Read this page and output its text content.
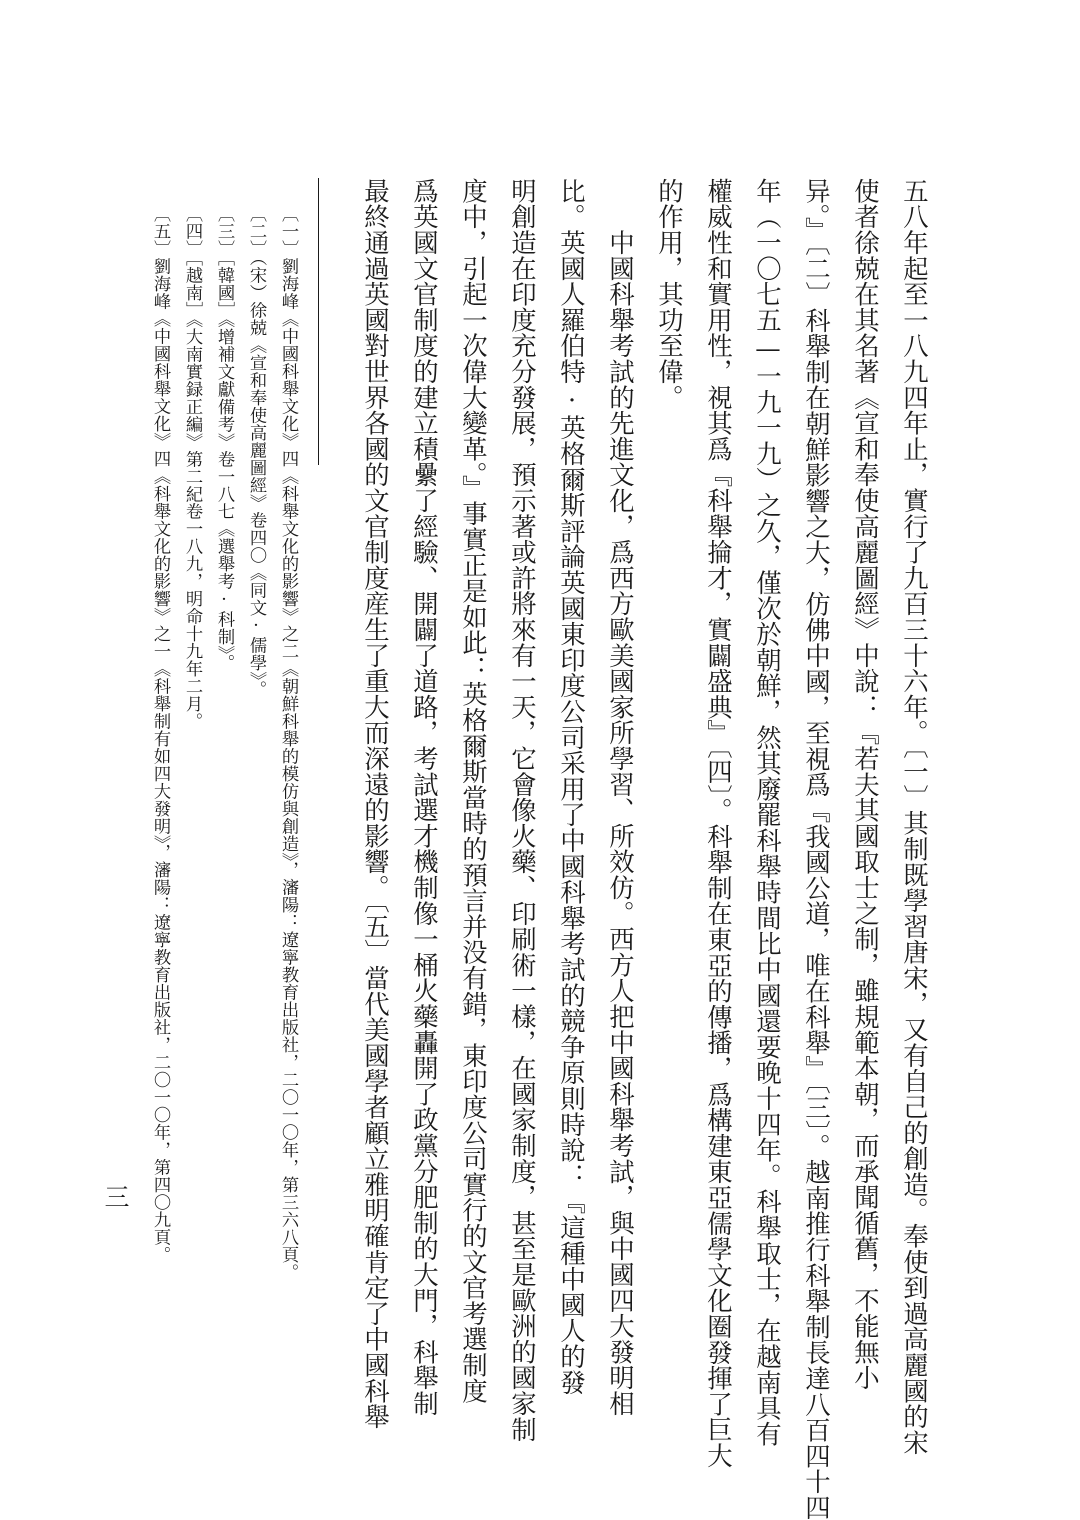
五八年起至一八九四年止，實行了九百三十六年。〔一〕其制既學習唐宋，又有自己的創造。奉使到過高麗國的宋

使者徐兢在其名著《宣和奉使高麗圖經》中說：『若夫其國取士之制，雖規範本朝，而承聞循舊，不能無小

异。』〔二〕科舉制在朝鮮影響之大，仿佛中國，至視爲『我國公道，唯在科舉』〔三〕。越南推行科舉制長達八百四十四

年（一〇七五—一九一九）之久，僅次於朝鮮，然其廢罷科舉時間比中國還要晚十四年。科舉取士，在越南具有

權威性和實用性，視其爲『科舉掄才，實闢盛典』〔四〕。科舉制在東亞的傳播，爲構建東亞儒學文化圈發揮了巨大

的作用，其功至偉。

　　中國科舉考試的先進文化，爲西方歐美國家所學習、所效仿。西方人把中國科舉考試，與中國四大發明相

比。英國人羅伯特·英格爾斯評論英國東印度公司采用了中國科舉考試的競争原則時說：『這種中國人的發

明創造在印度充分發展，預示著或許將來有一天，它會像火藥、印刷術一樣，在國家制度，甚至是歐洲的國家制

度中，引起一次偉大變革。』事實正是如此：英格爾斯當時的預言并没有錯，東印度公司實行的文官考選制度

爲英國文官制度的建立積纍了經驗、開闢了道路，考試選才機制像一桶火藥轟開了政黨分肥制的大門，科舉制

最終通過英國對世界各國的文官制度産生了重大而深遠的影響。〔五〕當代美國學者顧立雅明確肯定了中國科舉

〔一〕劉海峰《中國科舉文化》四《科舉文化的影響》之二《朝鮮科舉的模仿與創造》，瀋陽：遼寧教育出版社，二〇一〇年，第三六八頁。

〔二〕（宋）徐兢《宣和奉使高麗圖經》卷四〇《同文·儒學》。

〔三〕［韓國］《增補文獻備考》卷一八七《選舉考·科制》。

〔四〕［越南］《大南實録正編》第二紀卷一八九，明命十九年二月。

〔五〕劉海峰《中國科舉文化》四《科舉文化的影響》之一《科舉制有如四大發明》，瀋陽：遼寧教育出版社，二〇一〇年，第四〇九頁。

三
